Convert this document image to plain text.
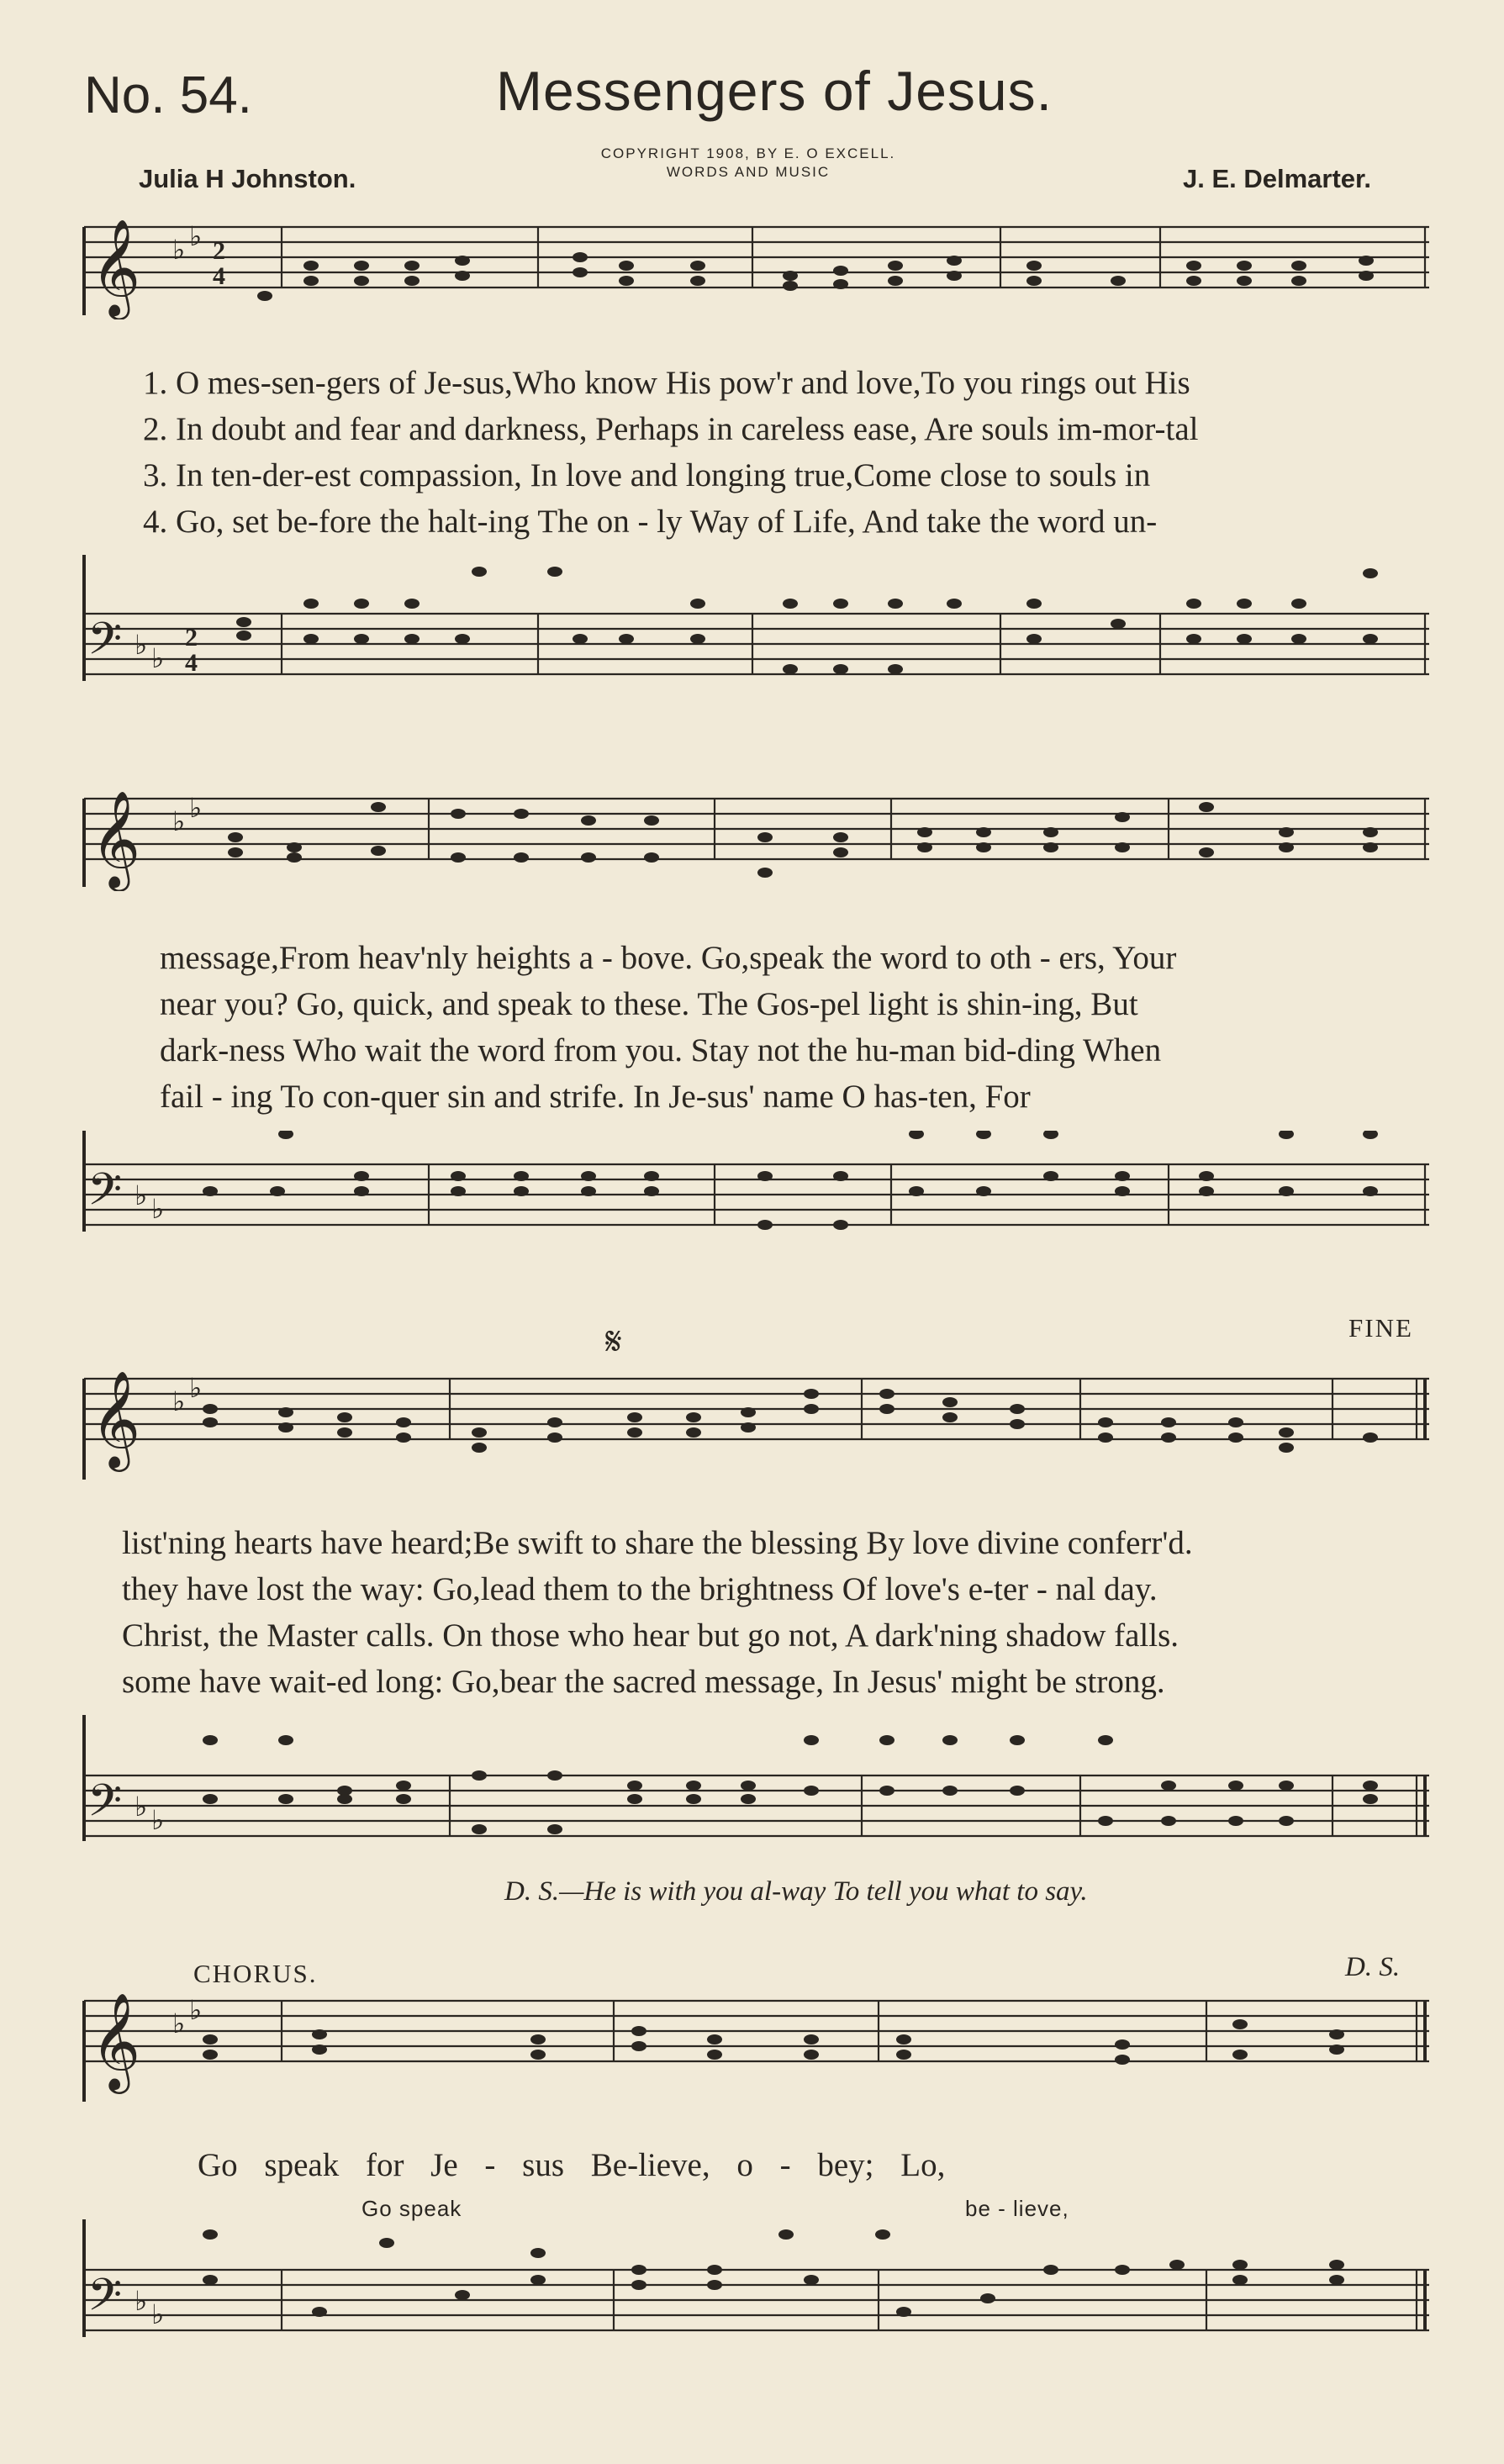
No. 54.	Messengers of Jesus.
Julia H Johnston.
COPYRIGHT 1908, BY E. O EXCELL.
WORDS AND MUSIC	J. E. Delmarter.
𝄞 ♭ ♭ 2
4
1. O mes-sen-gers of Je-sus,Who know His pow'r and love,To you rings out His
2. In doubt and fear and darkness, Perhaps in careless ease, Are souls im-mor-tal
3. In ten-der-est compassion, In love and longing true,Come close to souls in
4. Go, set be-fore the halt-ing The on - ly Way of Life, And take the word un-
𝄢 ♭ ♭
2
4
𝄞 ♭ ♭
message,From heav'nly heights a - bove. Go,speak the word to oth - ers, Your
near you? Go, quick, and speak to these. The Gos-pel light is shin-ing, But
dark-ness Who wait the word from you. Stay not the hu-man bid-ding When
fail - ing To con-quer sin and strife. In Je-sus' name O has-ten, For
𝄢 ♭ ♭
FINE
𝄋
𝄞 ♭ ♭
list'ning hearts have heard;Be swift to share the blessing By love divine conferr'd.
they have lost the way: Go,lead them to the brightness Of love's e-ter - nal day.
Christ, the Master calls. On those who hear but go not, A dark'ning shadow falls.
some have wait-ed long: Go,bear the sacred message, In Jesus' might be strong.
𝄢 ♭ ♭
D. S.—He is with you al-way To tell you what to say.
CHORUS.	D. S.
𝄞 ♭ ♭
Go speak for Je - sus Be-lieve, o - bey; Lo,
Go speak	be - lieve,
𝄢 ♭ ♭
